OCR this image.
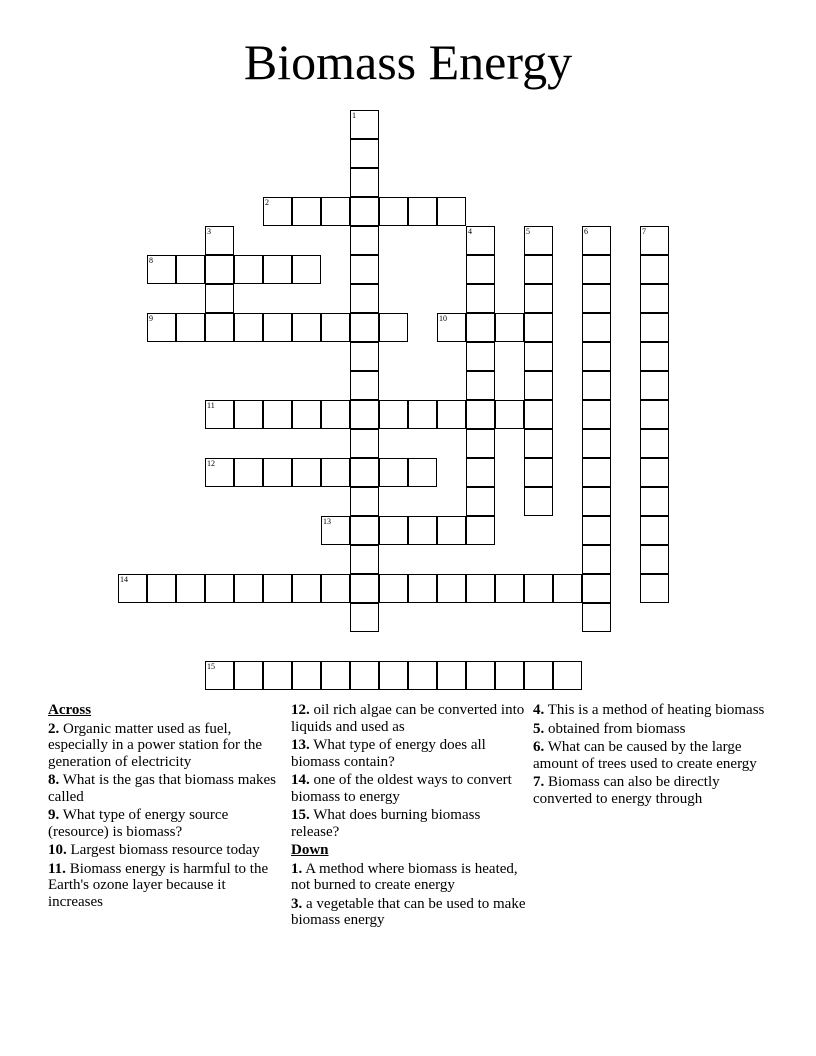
Biomass Energy
1
2
3	4	5	6	7
8
9	10
11
12
13
14
15
Across
2. Organic matter used as fuel, especially in a power station for the generation of electricity
8. What is the gas that biomass makes called
9. What type of energy source (resource) is biomass?
10. Largest biomass resource today
11. Biomass energy is harmful to the Earth's ozone layer because it increases
12. oil rich algae can be converted into liquids and used as
13. What type of energy does all biomass contain?
14. one of the oldest ways to convert biomass to energy
15. What does burning biomass release?
Down
1. A method where biomass is heated, not burned to create energy
3. a vegetable that can be used to make biomass energy
4. This is a method of heating biomass
5. obtained from biomass
6. What can be caused by the large amount of trees used to create energy
7. Biomass can also be directly converted to energy through
